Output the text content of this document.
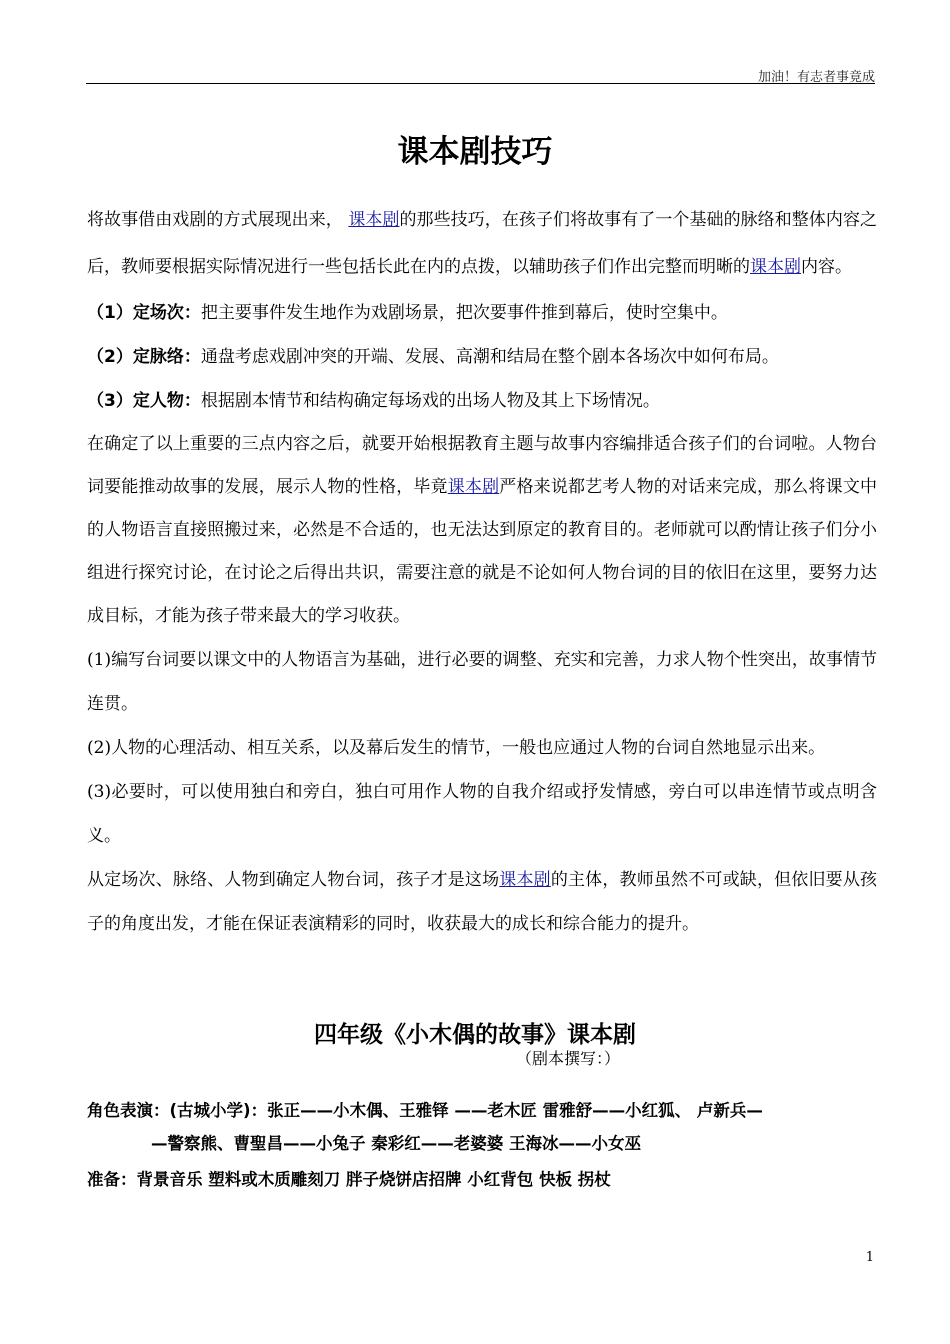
加油！有志者事竟成
课本剧技巧

将故事借由戏剧的方式展现出来， 课本剧的那些技巧，在孩子们将故事有了一个基础的脉络和整体内容之后，教师要根据实际情况进行一些包括长此在内的点拨，以辅助孩子们作出完整而明晰的课本剧内容。

（1）定场次：把主要事件发生地作为戏剧场景，把次要事件推到幕后，使时空集中。

（2）定脉络：通盘考虑戏剧冲突的开端、发展、高潮和结局在整个剧本各场次中如何布局。

（3）定人物：根据剧本情节和结构确定每场戏的出场人物及其上下场情况。

在确定了以上重要的三点内容之后，就要开始根据教育主题与故事内容编排适合孩子们的台词啦。人物台词要能推动故事的发展，展示人物的性格，毕竟课本剧严格来说都艺考人物的对话来完成，那么将课文中的人物语言直接照搬过来，必然是不合适的，也无法达到原定的教育目的。老师就可以酌情让孩子们分小组进行探究讨论，在讨论之后得出共识，需要注意的就是不论如何人物台词的目的依旧在这里，要努力达成目标，才能为孩子带来最大的学习收获。

(1)编写台词要以课文中的人物语言为基础，进行必要的调整、充实和完善，力求人物个性突出，故事情节连贯。

(2)人物的心理活动、相互关系，以及幕后发生的情节，一般也应通过人物的台词自然地显示出来。

(3)必要时，可以使用独白和旁白，独白可用作人物的自我介绍或抒发情感，旁白可以串连情节或点明含义。

从定场次、脉络、人物到确定人物台词，孩子才是这场课本剧的主体，教师虽然不可或缺，但依旧要从孩子的角度出发，才能在保证表演精彩的同时，收获最大的成长和综合能力的提升。

四年级《小木偶的故事》课本剧
（剧本撰写：）
角色表演：(古城小学)：张正——小木偶、王雅铎 ——老木匠 雷雅舒——小红狐、 卢新兵—
—警察熊、曹聖昌——小兔子 秦彩红——老婆婆 王海冰——小女巫
准备：背景音乐 塑料或木质雕刻刀 胖子烧饼店招牌 小红背包 快板 拐杖
1
